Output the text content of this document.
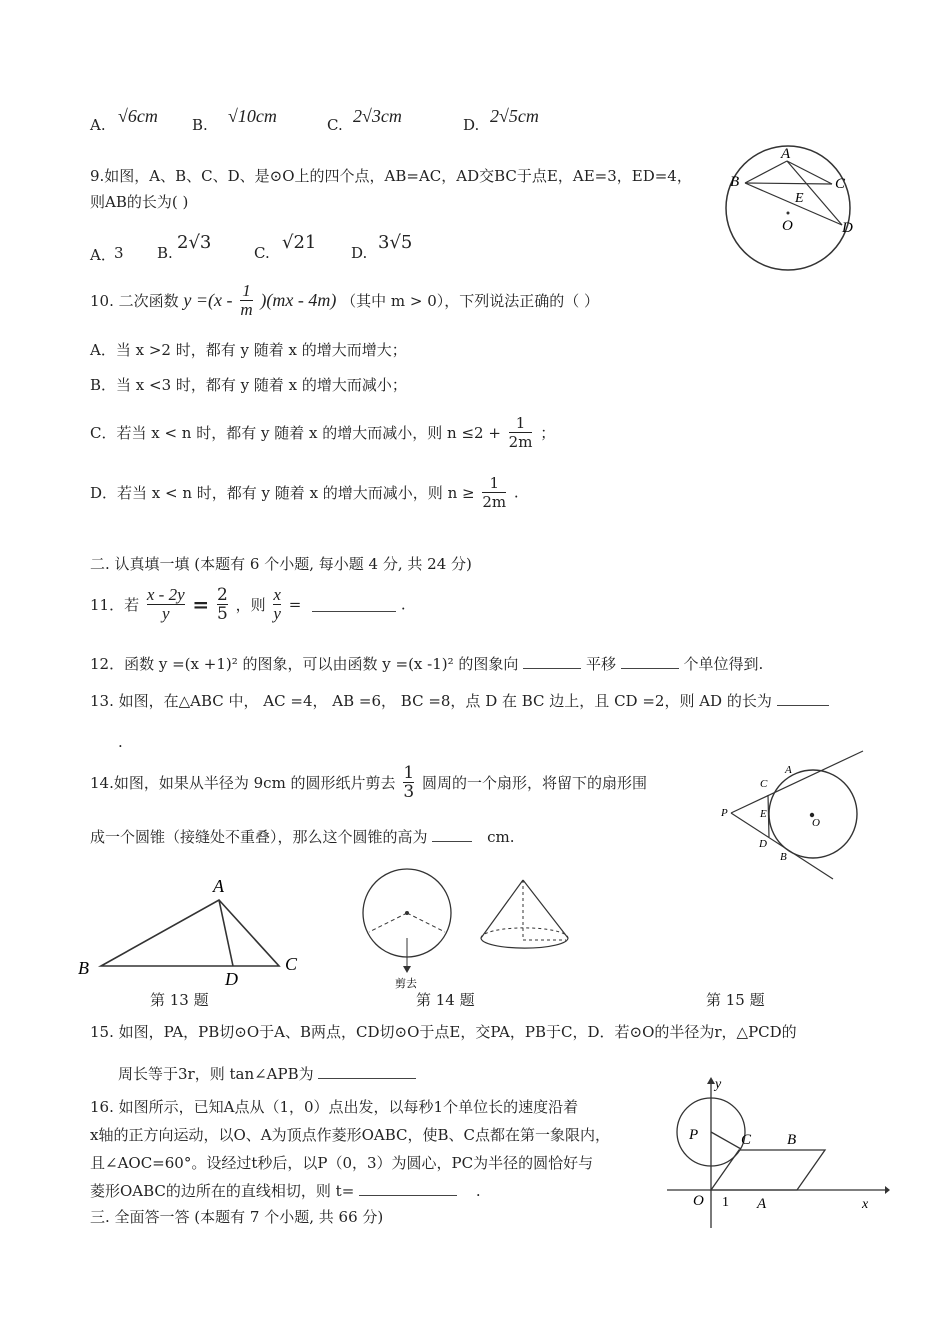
A. √6cm B. √10cm	C. 2√3cm	D. 2√5cm
9.如图，A、B、C、D、是⊙O上的四个点，AB=AC，AD交BC于点E，AE=3，ED=4，
则AB的长为( )
A．
3 B. 2√3	C. √21 D. 3√5
A
B	C
D
E
O
10. 二次函数 $y =(x - \frac{1}{m} )(mx - 4m)$ （其中 m > 0），下列说法正确的（ ）
A．当 x >2 时，都有 y 随着 x 的增大而增大；
B．当 x <3 时，都有 y 随着 x 的增大而减小；
C．若当 x < n 时，都有 y 随着 x 的增大而减小，则 $n \le 2 + \frac{1}{2m}$ ；
D．若当 x < n 时，都有 y 随着 x 的增大而减小，则 $n \ge \frac{1}{2m}$ .
二. 认真填一填 (本题有 6 个小题, 每小题 4 分, 共 24 分)
11．若 $\frac{x - 2y}{y} = \frac{2}{5}$ ，则 $\frac{x}{y}$ =	.
12．函数 y =(x +1)² 的图象，可以由函数 y =(x -1)² 的图象向	平移	个单位得到.
13. 如图，在△ABC 中， AC =4， AB =6， BC =8，点 D 在 BC 边上，且 CD =2，则 AD 的长为
.
14.如图，如果从半径为 9cm 的圆形纸片剪去 $\frac{1}{3}$ 圆周的一个扇形，将留下的扇形围
成一个圆锥（接缝处不重叠），那么这个圆锥的高为	cm.
A
C
P	E
O
D
B
A
B	C
D	剪去
第 13 题	第 14 题	第 15 题
15. 如图，PA，PB切⊙O于A、B两点，CD切⊙O于点E，交PA，PB于C，D．若⊙O的半径为r，△PCD的
周长等于3r，则 tan∠APB为
16. 如图所示，已知A点从（1，0）点出发，以每秒1个单位长的速度沿着
x轴的正方向运动，以O、A为顶点作菱形OABC，使B、C点都在第一象限内，
且∠AOC=60°。设经过t秒后，以P（0，3）为圆心，PC为半径的圆恰好与
菱形OABC的边所在的直线相切，则 t=	.
三. 全面答一答 (本题有 7 个小题, 共 66 分)
y
P	C B
O 1 A	x
